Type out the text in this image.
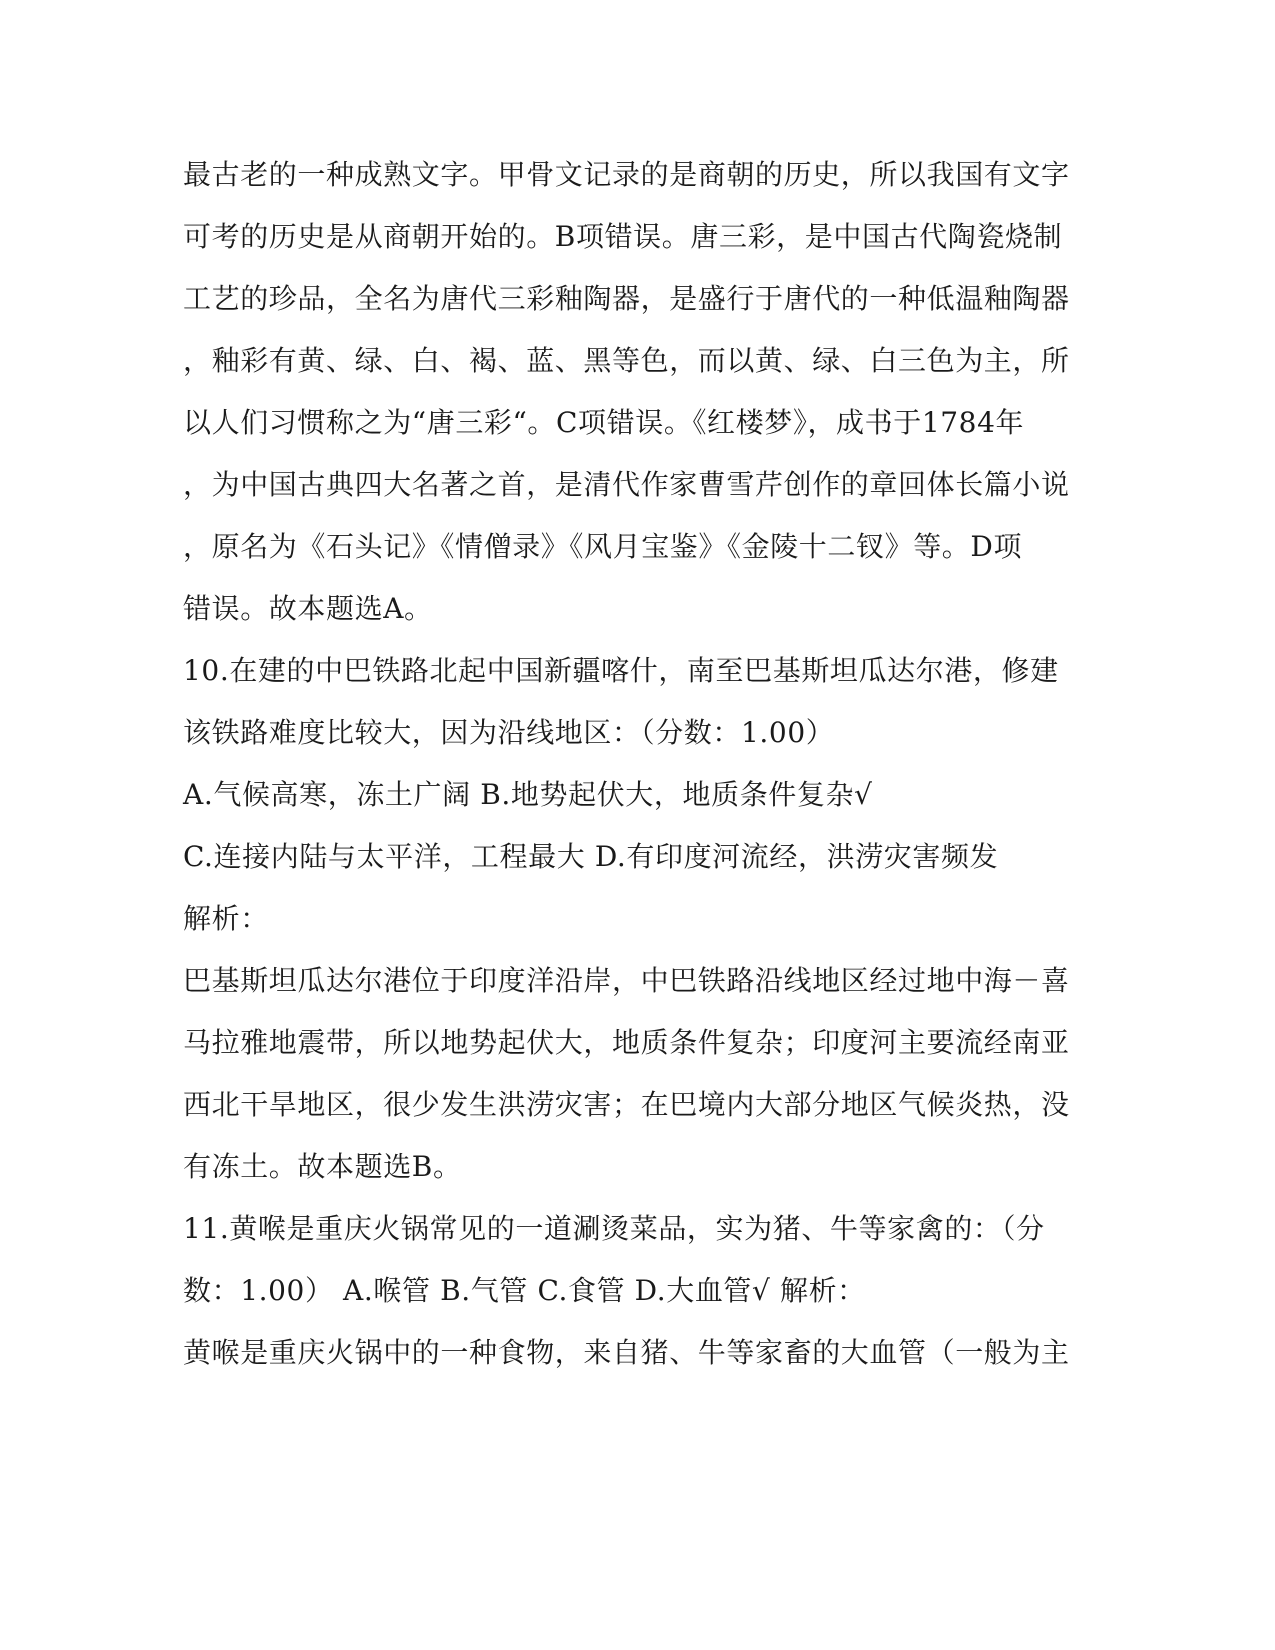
最古老的一种成熟文字。甲骨文记录的是商朝的历史，所以我国有文字
可考的历史是从商朝开始的。B项错误。唐三彩，是中国古代陶瓷烧制
工艺的珍品，全名为唐代三彩釉陶器，是盛行于唐代的一种低温釉陶器
，釉彩有黄、绿、白、褐、蓝、黑等色，而以黄、绿、白三色为主，所
以人们习惯称之为“唐三彩“。C项错误。《红楼梦》，成书于1784年
，为中国古典四大名著之首，是清代作家曹雪芹创作的章回体长篇小说
，原名为《石头记》《情僧录》《风月宝鉴》《金陵十二钗》等。D项
错误。故本题选A。
10.在建的中巴铁路北起中国新疆喀什，南至巴基斯坦瓜达尔港，修建
该铁路难度比较大，因为沿线地区：（分数：1.00）
A.气候高寒，冻土广阔 B.地势起伏大，地质条件复杂√
C.连接内陆与太平洋，工程最大 D.有印度河流经，洪涝灾害频发
解析：
巴基斯坦瓜达尔港位于印度洋沿岸，中巴铁路沿线地区经过地中海－喜
马拉雅地震带，所以地势起伏大，地质条件复杂；印度河主要流经南亚
西北干旱地区，很少发生洪涝灾害；在巴境内大部分地区气候炎热，没
有冻土。故本题选B。
11.黄喉是重庆火锅常见的一道涮烫菜品，实为猪、牛等家禽的：（分
数：1.00） A.喉管 B.气管 C.食管 D.大血管√ 解析：
黄喉是重庆火锅中的一种食物，来自猪、牛等家畜的大血管（一般为主
